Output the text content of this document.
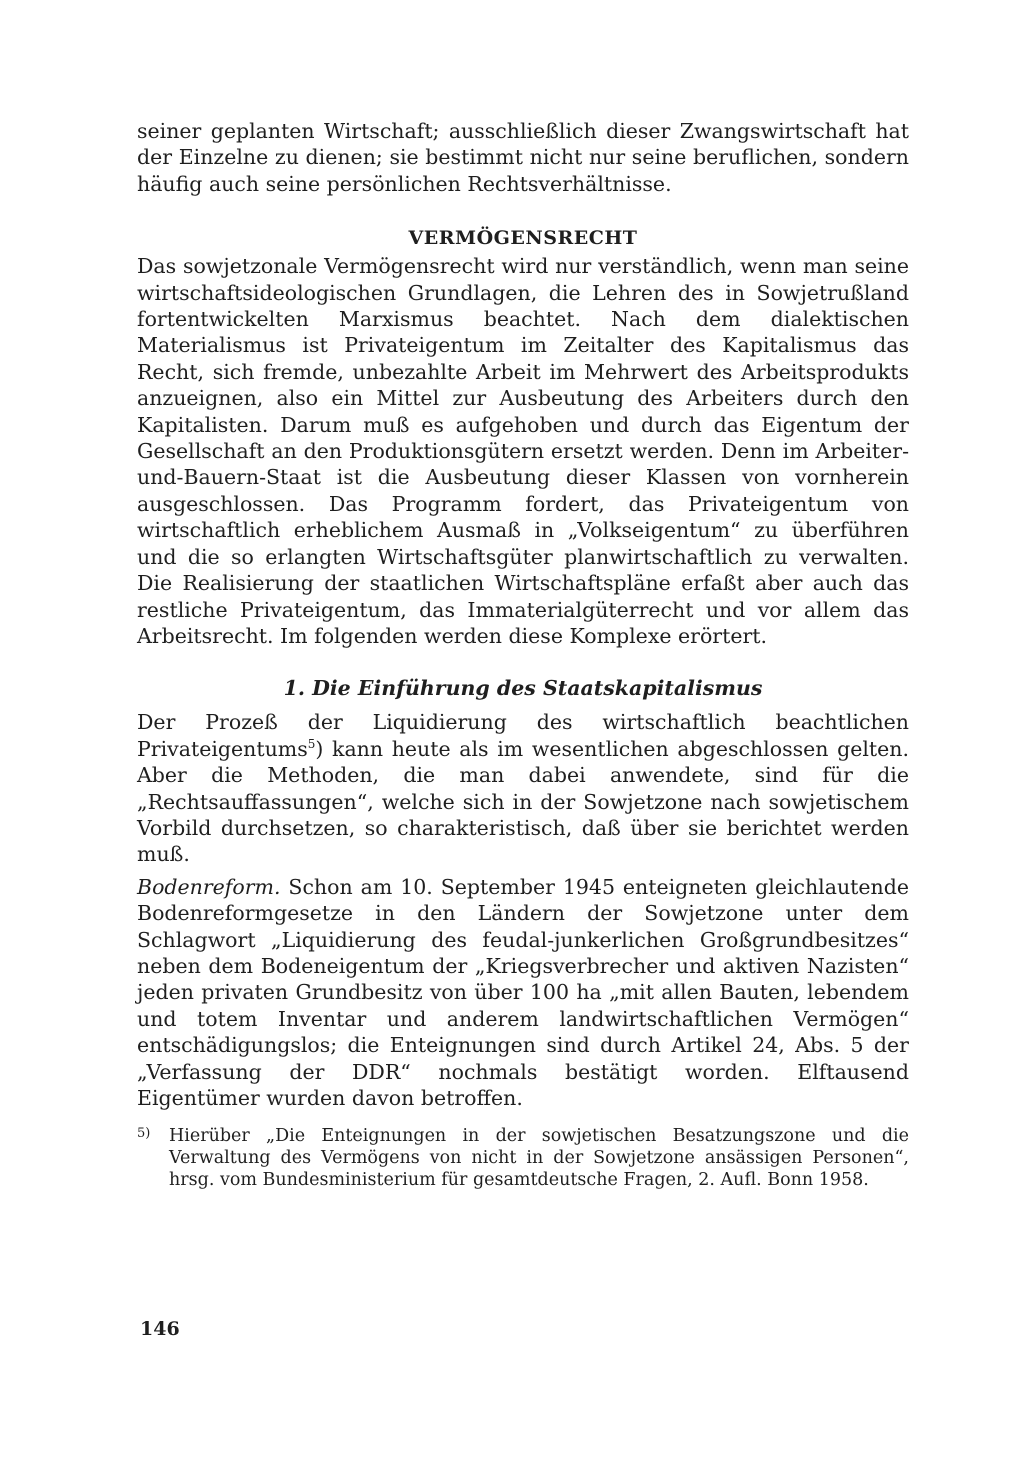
seiner geplanten Wirtschaft; ausschließlich dieser Zwangswirtschaft hat der Einzelne zu dienen; sie bestimmt nicht nur seine beruflichen, sondern häufig auch seine persönlichen Rechtsverhältnisse.

VERMÖGENSRECHT

Das sowjetzonale Vermögensrecht wird nur verständlich, wenn man seine wirtschaftsideologischen Grundlagen, die Lehren des in Sowjetrußland fortentwickelten Marxismus beachtet. Nach dem dialektischen Materialismus ist Privateigentum im Zeitalter des Kapitalismus das Recht, sich fremde, unbezahlte Arbeit im Mehrwert des Arbeitsprodukts anzueignen, also ein Mittel zur Ausbeutung des Arbeiters durch den Kapitalisten. Darum muß es aufgehoben und durch das Eigentum der Gesellschaft an den Produktionsgütern ersetzt werden. Denn im Arbeiter-und-Bauern-Staat ist die Ausbeutung dieser Klassen von vornherein ausgeschlossen. Das Programm fordert, das Privateigentum von wirtschaftlich erheblichem Ausmaß in „Volkseigentum“ zu überführen und die so erlangten Wirtschaftsgüter planwirtschaftlich zu verwalten. Die Realisierung der staatlichen Wirtschaftspläne erfaßt aber auch das restliche Privateigentum, das Immaterialgüterrecht und vor allem das Arbeitsrecht. Im folgenden werden diese Komplexe erörtert.

1. Die Einführung des Staatskapitalismus

Der Prozeß der Liquidierung des wirtschaftlich beachtlichen Privateigentums$^5$) kann heute als im wesentlichen abgeschlossen gelten. Aber die Methoden, die man dabei anwendete, sind für die „Rechtsauffassungen“, welche sich in der Sowjetzone nach sowjetischem Vorbild durchsetzen, so charakteristisch, daß über sie berichtet werden muß.

Bodenreform. Schon am 10. September 1945 enteigneten gleichlautende Bodenreformgesetze in den Ländern der Sowjetzone unter dem Schlagwort „Liquidierung des feudal-junkerlichen Großgrundbesitzes“ neben dem Bodeneigentum der „Kriegsverbrecher und aktiven Nazisten“ jeden privaten Grundbesitz von über 100 ha „mit allen Bauten, lebendem und totem Inventar und anderem landwirtschaftlichen Vermögen“ entschädigungslos; die Enteignungen sind durch Artikel 24, Abs. 5 der „Verfassung der DDR“ nochmals bestätigt worden. Elftausend Eigentümer wurden davon betroffen.

5)	Hierüber „Die Enteignungen in der sowjetischen Besatzungszone und die Verwaltung des Vermögens von nicht in der Sowjetzone ansässigen Personen“, hrsg. vom Bundesministerium für gesamtdeutsche Fragen, 2. Aufl. Bonn 1958.
146
